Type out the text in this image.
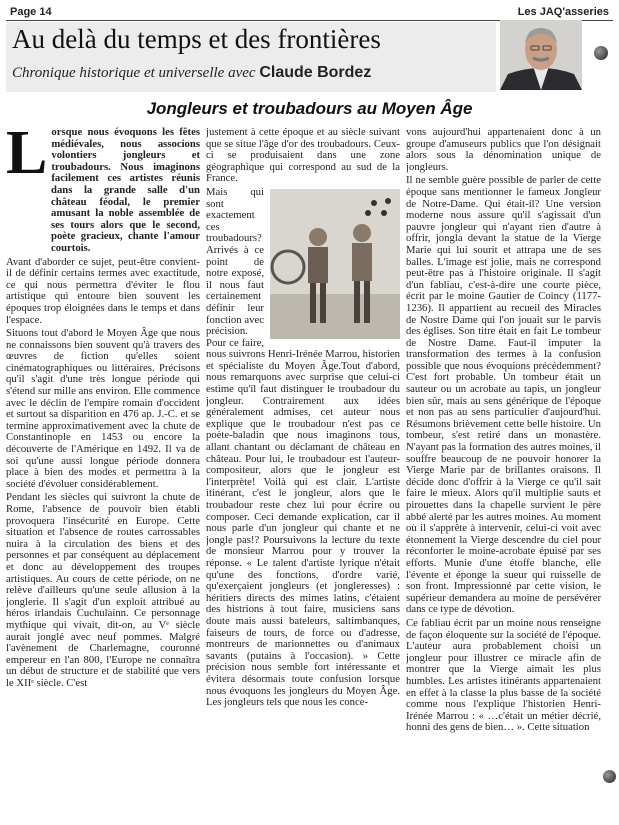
Page 14	Les JAQ'asseries
Au delà du temps et des frontières
Chronique historique et universelle avec Claude Bordez
Jongleurs et troubadours au Moyen Âge
L orsque nous évoquons les fêtes médiévales, nous associons volontiers jongleurs et troubadours. Nous imaginons facilement ces artistes réunis dans la grande salle d'un château féodal, le premier amusant la noble assemblée de ses tours alors que le second, poète gracieux, chante l'amour courtois.

Avant d'aborder ce sujet, peut-être convient-il de définir certains termes avec exactitude, ce qui nous permettra d'éviter le flou artistique qui entoure bien souvent les époques trop éloignées dans le temps et dans l'espace.

Situons tout d'abord le Moyen Âge que nous ne connaissons bien souvent qu'à travers des œuvres de fiction qu'elles soient cinématographiques ou littéraires. Précisons qu'il s'agit d'une très longue période qui s'étend sur mille ans environ. Elle commence avec le déclin de l'empire romain d'occident et surtout sa disparition en 476 ap. J.-C. et se termine approximativement avec la chute de Constantinople en 1453 ou encore la découverte de l'Amérique en 1492. Il va de soi qu'une aussi longue période donnera place à bien des modes et permettra à la société d'évoluer considérablement.

Pendant les siècles qui suivront la chute de Rome, l'absence de pouvoir bien établi provoquera l'insécurité en Europe. Cette situation et l'absence de routes carrossables nuira à la circulation des biens et des personnes et par conséquent au déplacement et donc au développement des troupes artistiques. Au cours de cette période, on ne relève d'ailleurs qu'une seule allusion à la jonglerie. Il s'agit d'un exploit attribué au héros irlandais Cuchulainn. Ce personnage mythique qui vivait, dit-on, au Vᵉ siècle aurait jonglé avec neuf pommes. Malgré l'avènement de Charlemagne, couronné empereur en l'an 800, l'Europe ne connaîtra un début de structure et de stabilité que vers le XIIᵉ siècle. C'est

justement à cette époque et au siècle suivant que se situe l'âge d'or des troubadours. Ceux-ci se produisaient dans une zone géographique qui correspond au sud de la France.

Mais qui sont exactement ces troubadours? Arrivés à ce point de notre exposé, il nous faut certainement définir leur fonction avec précision. Pour ce faire, nous suivrons Henri-Irénée Marrou, historien et spécialiste du Moyen Âge.Tout d'abord, nous remarquons avec surprise que celui-ci estime qu'il faut distinguer le troubadour du jongleur. Contrairement aux idées généralement admises, cet auteur nous explique que le troubadour n'est pas ce poète-baladin que nous imaginons tous, allant chantant ou déclamant de château en château. Pour lui, le troubadour est l'auteur-compositeur, alors que le jongleur est l'interprète! Voilà qui est clair. L'artiste itinérant, c'est le jongleur, alors que le troubadour reste chez lui pour écrire ou composer. Ceci demande explication, car il nous parle d'un jongleur qui chante et ne jongle pas!? Poursuivons la lecture du texte de monsieur Marrou pour y trouver la réponse. « Le talent d'artiste lyrique n'était qu'une des fonctions, d'ordre varié, qu'exerçaient jongleurs (et jongleresses) : héritiers directs des mimes latins, c'étaient des histrions à tout faire, musiciens sans doute mais aussi bateleurs, saltimbanques, faiseurs de tours, de force ou d'adresse, montreurs de marionnettes ou d'animaux savants (putains à l'occasion). » Cette précision nous semble fort intéressante et évitera désormais toute confusion lorsque nous évoquons les jongleurs du Moyen Âge. Les jongleurs tels que nous les conce-

vons aujourd'hui appartenaient donc à un groupe d'amuseurs publics que l'on désignait alors sous la dénomination unique de jongleurs.

Il ne semble guère possible de parler de cette époque sans mentionner le fameux Jongleur de Notre-Dame. Qui était-il? Une version moderne nous assure qu'il s'agissait d'un pauvre jongleur qui n'ayant rien d'autre à offrir, jongla devant la statue de la Vierge Marie qui lui sourit et attrapa une de ses balles. L'image est jolie, mais ne correspond peut-être pas à l'histoire originale. Il s'agit d'un fabliau, c'est-à-dire une courte pièce, écrit par le moine Gautier de Coincy (1177-1236). Il appartient au recueil des Miracles de Nostre Dame qui l'on jouait sur le parvis des églises. Son titre était en fait Le tombeur de Nostre Dame. Faut-il imputer la transformation des termes à la confusion possible que nous évoquions précédemment? C'est fort probable. Un tombeur était un sauteur ou un acrobate au tapis, un jongleur bien sûr, mais au sens générique de l'époque et non pas au sens particulier d'aujourd'hui. Résumons brièvement cette belle histoire. Un tombeur, s'est retiré dans un monastère. N'ayant pas la formation des autres moines, il souffre beaucoup de ne pouvoir honorer la Vierge Marie par de brillantes oraisons. Il décide donc d'offrir à la Vierge ce qu'il sait faire le mieux. Alors qu'il multiplie sauts et pirouettes dans la chapelle survient le père abbé alerté par les autres moines. Au moment où il s'apprête à intervenir, celui-ci voit avec étonnement la Vierge descendre du ciel pour réconforter le moine-acrobate épuisé par ses efforts. Munie d'une étoffe blanche, elle l'évente et éponge la sueur qui ruisselle de son front. Impressionné par cette vision, le supérieur demandera au moine de persévérer dans ce type de dévotion.

Ce fabliau écrit par un moine nous renseigne de façon éloquente sur la société de l'époque. L'auteur aura probablement choisi un jongleur pour illustrer ce miracle afin de montrer que la Vierge aimait les plus humbles. Les artistes itinérants appartenaient en effet à la classe la plus basse de la société comme nous l'explique l'historien Henri-Irénée Marrou : « …c'était un métier décrié, honni des gens de bien… ». Cette situation
